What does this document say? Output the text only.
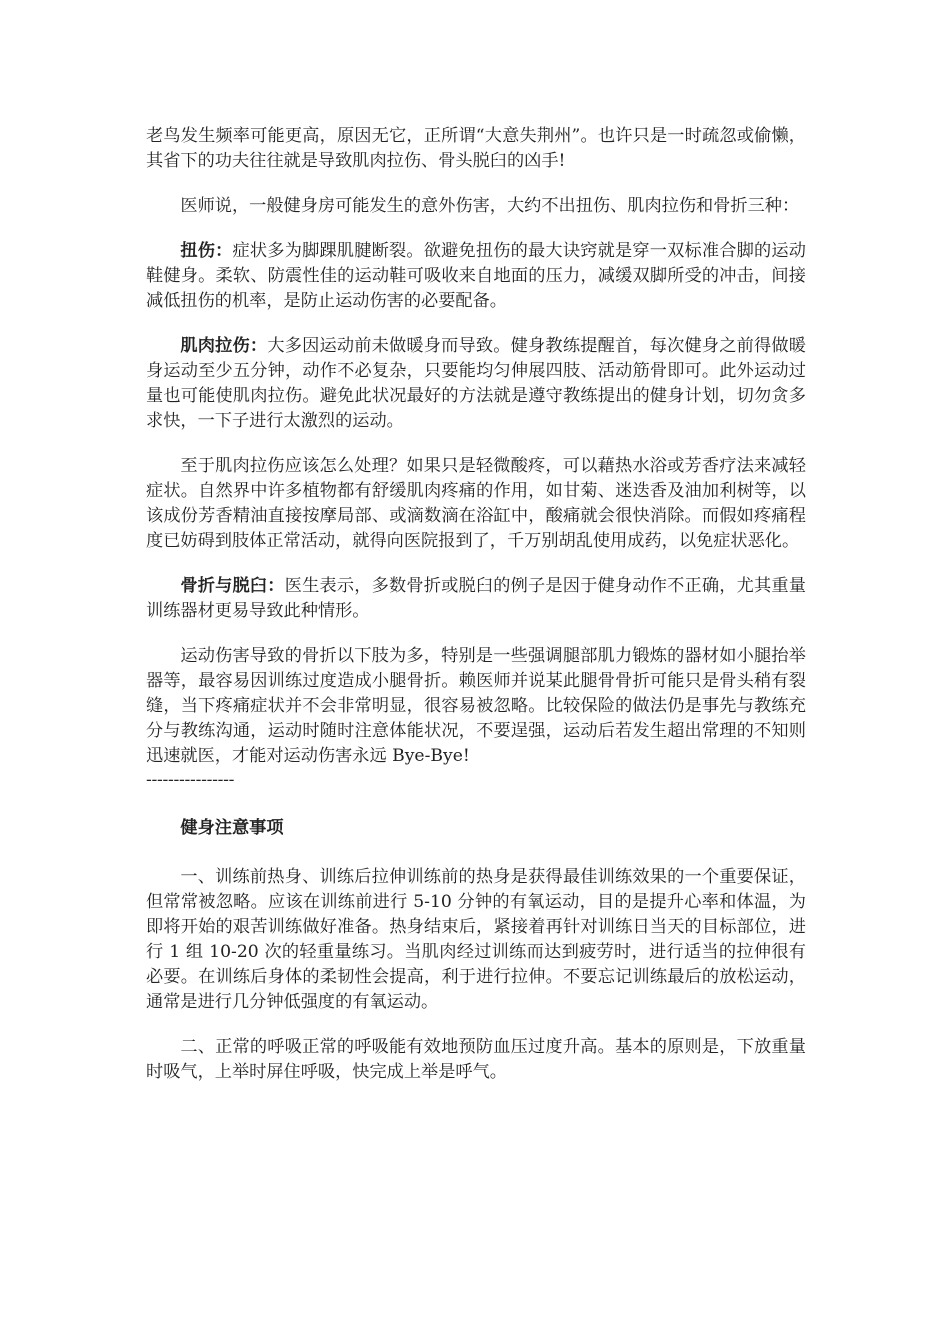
老鸟发生频率可能更高，原因无它，正所谓“大意失荆州”。也许只是一时疏忽或偷懒，其省下的功夫往往就是导致肌肉拉伤、骨头脱臼的凶手!

医师说，一般健身房可能发生的意外伤害，大约不出扭伤、肌肉拉伤和骨折三种：

扭伤：症状多为脚踝肌腱断裂。欲避免扭伤的最大诀窍就是穿一双标准合脚的运动鞋健身。柔软、防震性佳的运动鞋可吸收来自地面的压力，减缓双脚所受的冲击，间接减低扭伤的机率，是防止运动伤害的必要配备。

肌肉拉伤：大多因运动前未做暖身而导致。健身教练提醒首，每次健身之前得做暖身运动至少五分钟，动作不必复杂，只要能均匀伸展四肢、活动筋骨即可。此外运动过量也可能使肌肉拉伤。避免此状况最好的方法就是遵守教练提出的健身计划，切勿贪多求快，一下子进行太激烈的运动。

至于肌肉拉伤应该怎么处理？如果只是轻微酸疼，可以藉热水浴或芳香疗法来减轻症状。自然界中许多植物都有舒缓肌肉疼痛的作用，如甘菊、迷迭香及油加利树等，以该成份芳香精油直接按摩局部、或滴数滴在浴缸中，酸痛就会很快消除。而假如疼痛程度已妨碍到肢体正常活动，就得向医院报到了，千万别胡乱使用成药，以免症状恶化。

骨折与脱臼：医生表示，多数骨折或脱臼的例子是因于健身动作不正确，尤其重量训练器材更易导致此种情形。

运动伤害导致的骨折以下肢为多，特别是一些强调腿部肌力锻炼的器材如小腿抬举器等，最容易因训练过度造成小腿骨折。赖医师并说某此腿骨骨折可能只是骨头稍有裂缝，当下疼痛症状并不会非常明显，很容易被忽略。比较保险的做法仍是事先与教练充分与教练沟通，运动时随时注意体能状况，不要逞强，运动后若发生超出常理的不知则迅速就医，才能对运动伤害永远 Bye-Bye!

----------------

健身注意事项

一、训练前热身、训练后拉伸训练前的热身是获得最佳训练效果的一个重要保证，但常常被忽略。应该在训练前进行 5-10 分钟的有氧运动，目的是提升心率和体温，为即将开始的艰苦训练做好准备。热身结束后，紧接着再针对训练日当天的目标部位，进行 1 组 10-20 次的轻重量练习。当肌肉经过训练而达到疲劳时，进行适当的拉伸很有必要。在训练后身体的柔韧性会提高，利于进行拉伸。不要忘记训练最后的放松运动，通常是进行几分钟低强度的有氧运动。

二、正常的呼吸正常的呼吸能有效地预防血压过度升高。基本的原则是，下放重量时吸气，上举时屏住呼吸，快完成上举是呼气。
